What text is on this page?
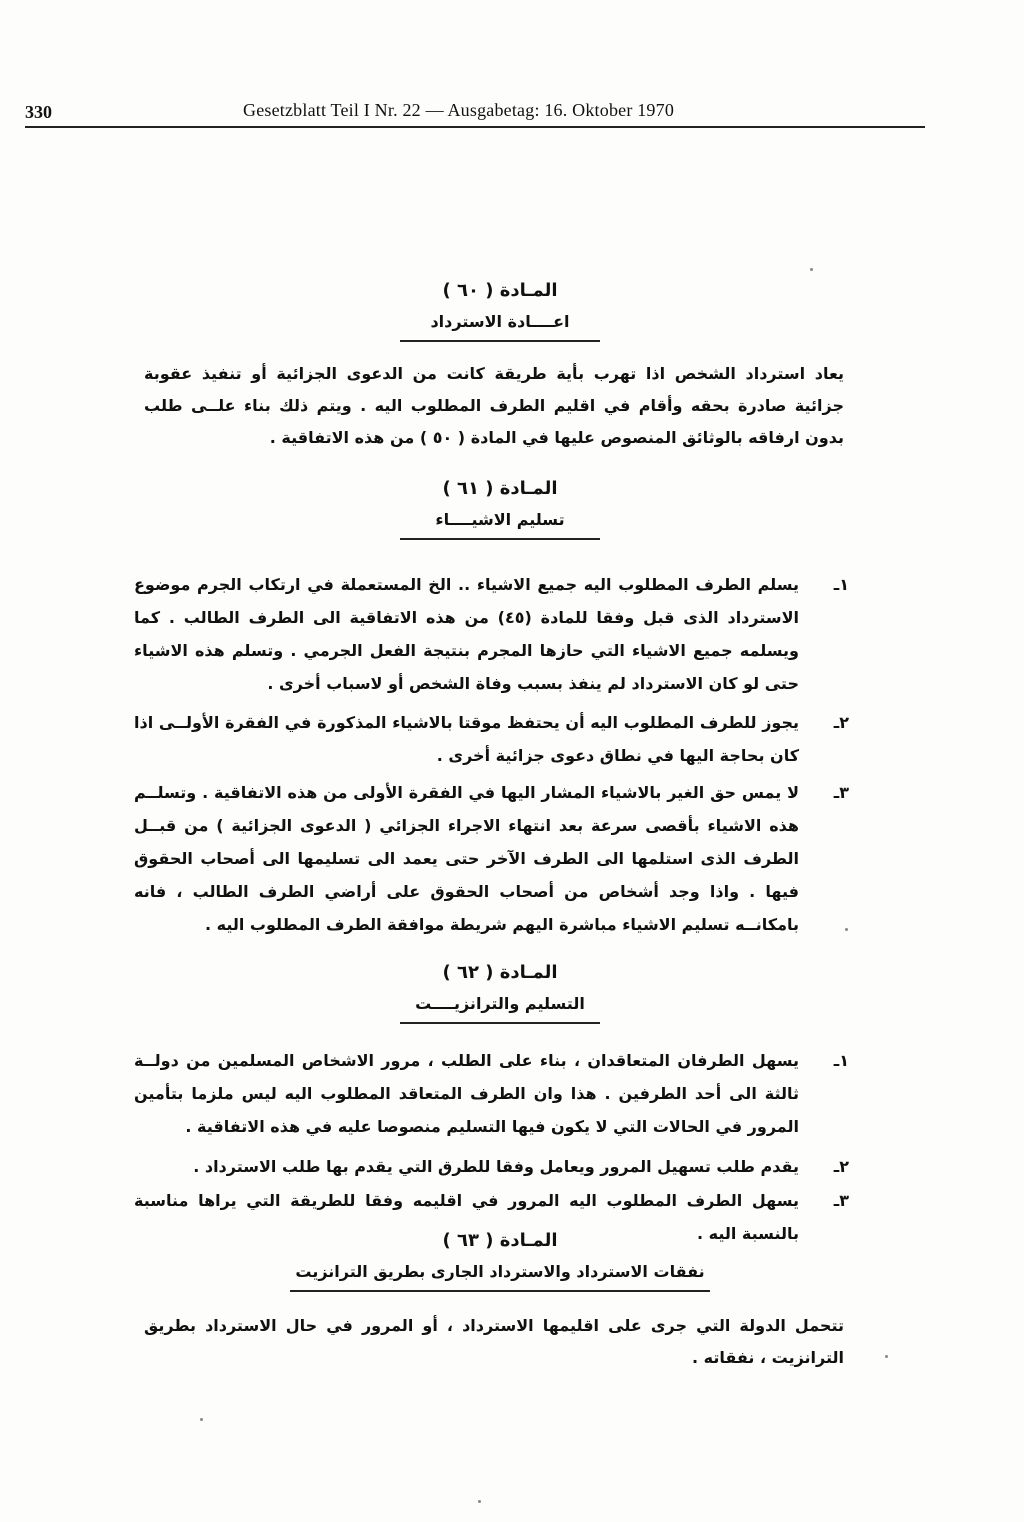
330	Gesetzblatt Teil I Nr. 22 — Ausgabetag: 16. Oktober 1970
المـادة ( ٦٠ )
اعــــادة الاسترداد
يعاد استرداد الشخص اذا تهرب بأية طريقة كانت من الدعوى الجزائية أو تنفيذ عقوبة جزائية صادرة بحقه وأقام في اقليم الطرف المطلوب اليه . ويتم ذلك بناء علــى طلب بدون ارفاقه بالوثائق المنصوص عليها في المادة ( ٥٠ ) من هذه الاتفاقية .
المـادة ( ٦١ )
تسليم الاشيــــاء
١ـ
يسلم الطرف المطلوب اليه جميع الاشياء .. الخ المستعملة في ارتكاب الجرم موضوع الاسترداد الذى قبل وفقا للمادة (٤٥) من هذه الاتفاقية الى الطرف الطالب . كما ويسلمه جميع الاشياء التي حازها المجرم بنتيجة الفعل الجرمي . وتسلم هذه الاشياء حتى لو كان الاسترداد لم ينفذ بسبب وفاة الشخص أو لاسباب أخرى .
٢ـ
يجوز للطرف المطلوب اليه أن يحتفظ موقتا بالاشياء المذكورة في الفقرة الأولــى اذا كان بحاجة اليها في نطاق دعوى جزائية أخرى .
٣ـ
لا يمس حق الغير بالاشياء المشار اليها في الفقرة الأولى من هذه الاتفاقية . وتسلــم هذه الاشياء بأقصى سرعة بعد انتهاء الاجراء الجزائي ( الدعوى الجزائية ) من قبــل الطرف الذى استلمها الى الطرف الآخر حتى يعمد الى تسليمها الى أصحاب الحقوق فيها . واذا وجد أشخاص من أصحاب الحقوق على أراضي الطرف الطالب ، فانه بامكانــه تسليم الاشياء مباشرة اليهم شريطة موافقة الطرف المطلوب اليه .
المـادة ( ٦٢ )
التسليم والترانزيــــت
١ـ
يسهل الطرفان المتعاقدان ، بناء على الطلب ، مرور الاشخاص المسلمين من دولــة ثالثة الى أحد الطرفين . هذا وان الطرف المتعاقد المطلوب اليه ليس ملزما بتأمين المرور في الحالات التي لا يكون فيها التسليم منصوصا عليه في هذه الاتفاقية .
٢ـ
يقدم طلب تسهيل المرور ويعامل وفقا للطرق التي يقدم بها طلب الاسترداد .
٣ـ
يسهل الطرف المطلوب اليه المرور في اقليمه وفقا للطريقة التي يراها مناسبة بالنسبة اليه .
المـادة ( ٦٣ )
نفقات الاسترداد والاسترداد الجارى بطريق الترانزيت
تتحمل الدولة التي جرى على اقليمها الاسترداد ، أو المرور في حال الاسترداد بطريق الترانزيت ، نفقاته .
